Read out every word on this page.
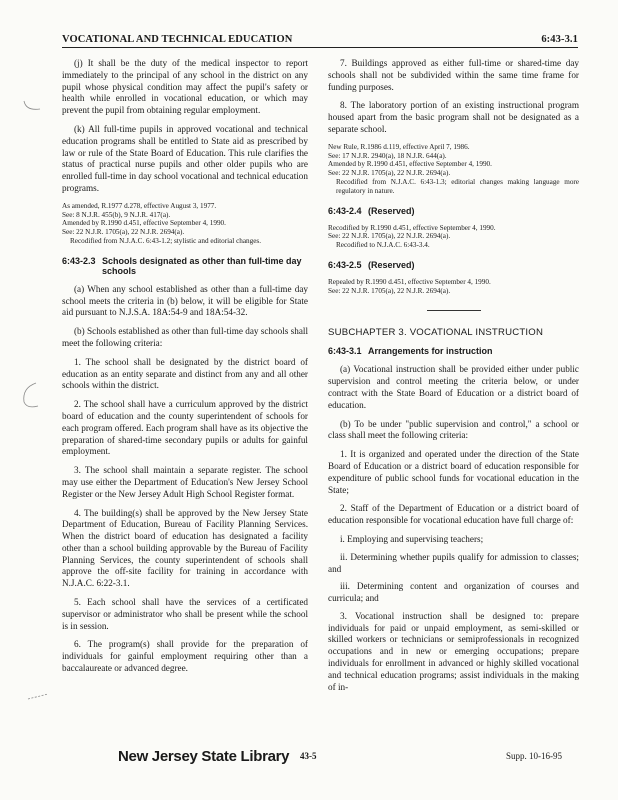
VOCATIONAL AND TECHNICAL EDUCATION	6:43-3.1

(j) It shall be the duty of the medical inspector to report immediately to the principal of any school in the district on any pupil whose physical condition may affect the pupil's safety or health while enrolled in vocational education, or which may prevent the pupil from obtaining regular employment.

(k) All full-time pupils in approved vocational and technical education programs shall be entitled to State aid as prescribed by law or rule of the State Board of Education. This rule clarifies the status of practical nurse pupils and other older pupils who are enrolled full-time in day school vocational and technical education programs.

As amended, R.1977 d.278, effective August 3, 1977.
See: 8 N.J.R. 455(b), 9 N.J.R. 417(a).
Amended by R.1990 d.451, effective September 4, 1990.
See: 22 N.J.R. 1705(a), 22 N.J.R. 2694(a).
Recodified from N.J.A.C. 6:43-1.2; stylistic and editorial changes.
6:43-2.3 Schools designated as other than full-time day
schools

(a) When any school established as other than a full-time day school meets the criteria in (b) below, it will be eligible for State aid pursuant to N.J.S.A. 18A:54-9 and 18A:54-32.

(b) Schools established as other than full-time day schools shall meet the following criteria:

1. The school shall be designated by the district board of education as an entity separate and distinct from any and all other schools within the district.

2. The school shall have a curriculum approved by the district board of education and the county superintendent of schools for each program offered. Each program shall have as its objective the preparation of shared-time secondary pupils or adults for gainful employment.

3. The school shall maintain a separate register. The school may use either the Department of Education's New Jersey School Register or the New Jersey Adult High School Register format.

4. The building(s) shall be approved by the New Jersey State Department of Education, Bureau of Facility Planning Services. When the district board of education has designated a facility other than a school building approvable by the Bureau of Facility Planning Services, the county superintendent of schools shall approve the off-site facility for training in accordance with N.J.A.C. 6:22-3.1.

5. Each school shall have the services of a certificated supervisor or administrator who shall be present while the school is in session.

6. The program(s) shall provide for the preparation of individuals for gainful employment requiring other than a baccalaureate or advanced degree.

7. Buildings approved as either full-time or shared-time day schools shall not be subdivided within the same time frame for funding purposes.

8. The laboratory portion of an existing instructional program housed apart from the basic program shall not be designated as a separate school.

New Rule, R.1986 d.119, effective April 7, 1986.
See: 17 N.J.R. 2940(a), 18 N.J.R. 644(a).
Amended by R.1990 d.451, effective September 4, 1990.
See: 22 N.J.R. 1705(a), 22 N.J.R. 2694(a).
Recodified from N.J.A.C. 6:43-1.3; editorial changes making language more regulatory in nature.
6:43-2.4 (Reserved)
Recodified by R.1990 d.451, effective September 4, 1990.
See: 22 N.J.R. 1705(a), 22 N.J.R. 2694(a).
Recodified to N.J.A.C. 6:43-3.4.
6:43-2.5 (Reserved)
Repealed by R.1990 d.451, effective September 4, 1990.
See: 22 N.J.R. 1705(a), 22 N.J.R. 2694(a).
SUBCHAPTER 3. VOCATIONAL INSTRUCTION
6:43-3.1 Arrangements for instruction

(a) Vocational instruction shall be provided either under public supervision and control meeting the criteria below, or under contract with the State Board of Education or a district board of education.

(b) To be under "public supervision and control," a school or class shall meet the following criteria:

1. It is organized and operated under the direction of the State Board of Education or a district board of education responsible for expenditure of public school funds for vocational education in the State;

2. Staff of the Department of Education or a district board of education responsible for vocational education have full charge of:

i. Employing and supervising teachers;

ii. Determining whether pupils qualify for admission to classes; and

iii. Determining content and organization of courses and curricula; and

3. Vocational instruction shall be designed to: prepare individuals for paid or unpaid employment, as semi-skilled or skilled workers or technicians or semiprofessionals in recognized occupations and in new or emerging occupations; prepare individuals for enrollment in advanced or highly skilled vocational and technical education programs; assist individuals in the making of in-

New Jersey State Library 43-5	Supp. 10-16-95
